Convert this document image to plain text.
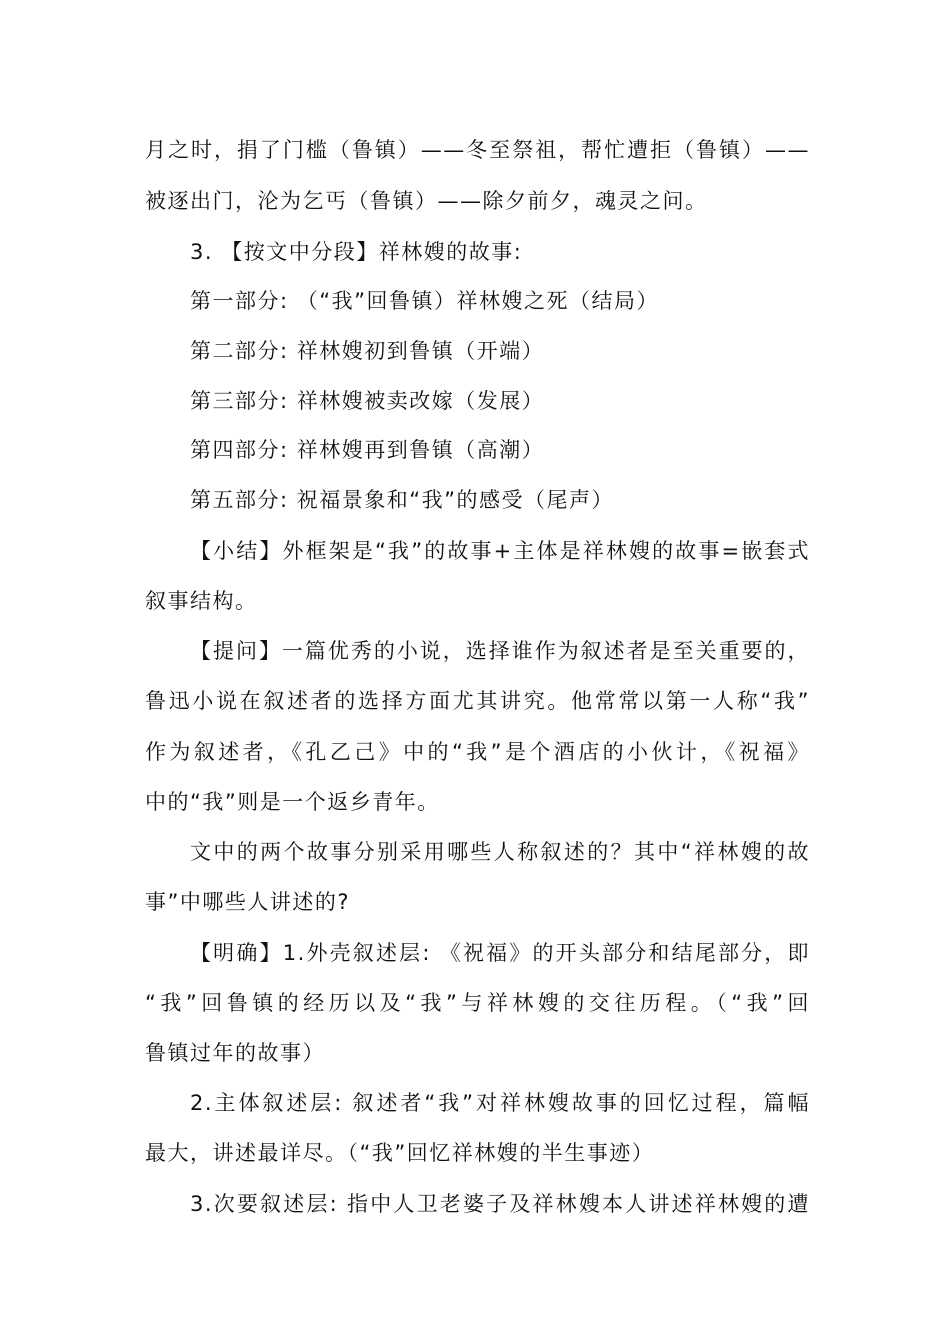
月之时，捐了门槛（鲁镇）——冬至祭祖，帮忙遭拒（鲁镇）——
被逐出门，沦为乞丐（鲁镇）——除夕前夕，魂灵之问。
3. 【按文中分段】祥林嫂的故事:
第一部分: （“我”回鲁镇）祥林嫂之死（结局）
第二部分: 祥林嫂初到鲁镇（开端）
第三部分: 祥林嫂被卖改嫁（发展）
第四部分: 祥林嫂再到鲁镇（高潮）
第五部分: 祝福景象和“我”的感受（尾声）
【小结】外框架是“我”的故事+主体是祥林嫂的故事=嵌套式
叙事结构。
【提问】一篇优秀的小说，选择谁作为叙述者是至关重要的，
鲁迅小说在叙述者的选择方面尤其讲究。他常常以第一人称“我”
作为叙述者，《孔乙己》中的“我”是个酒店的小伙计，《祝福》
中的“我”则是一个返乡青年。
文中的两个故事分别采用哪些人称叙述的？其中“祥林嫂的故
事”中哪些人讲述的?
【明确】1.外壳叙述层: 《祝福》的开头部分和结尾部分，即
“我”回鲁镇的经历以及“我”与祥林嫂的交往历程。（“我”回
鲁镇过年的故事）
2.主体叙述层: 叙述者“我”对祥林嫂故事的回忆过程，篇幅
最大，讲述最详尽。（“我”回忆祥林嫂的半生事迹）
3.次要叙述层: 指中人卫老婆子及祥林嫂本人讲述祥林嫂的遭
